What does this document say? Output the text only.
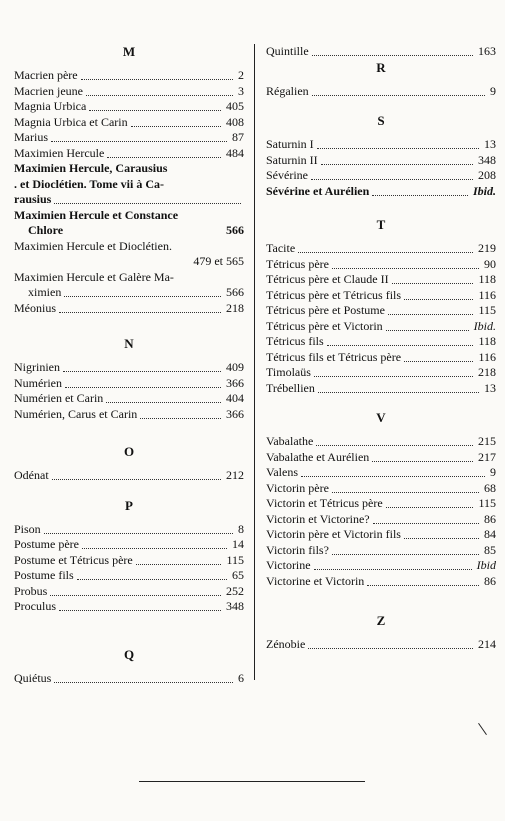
M
Macrien père	2
Macrien jeune	3
Magnia Urbica	405
Magnia Urbica et Carin	408
Marius	87
Maximien Hercule	484
Maximien Hercule, Carausius
. et Dioclétien. Tome vii à Ca-
rausius
Maximien Hercule et Constance
Chlore	566
Maximien Hercule et Dioclétien.
479 et 565
Maximien Hercule et Galère Ma-
ximien	566
Méonius	218
N
Nigrinien	409
Numérien	366
Numérien et Carin	404
Numérien, Carus et Carin	366
O
Odénat	212
P
Pison	8
Postume père	14
Postume et Tétricus père	115
Postume fils	65
Probus	252
Proculus	348
Q
Quiétus	6
Quintille	163
R
Régalien	9
S
Saturnin I	13
Saturnin II	348
Sévérine	208
Sévérine et Aurélien	Ibid.
T
Tacite	219
Tétricus père	90
Tétricus père et Claude II	118
Tétricus père et Tétricus fils	116
Tétricus père et Postume	115
Tétricus père et Victorin	Ibid.
Tétricus fils	118
Tétricus fils et Tétricus père	116
Timolaüs	218
Trébellien	13
V
Vabalathe	215
Vabalathe et Aurélien	217
Valens	9
Victorin père	68
Victorin et Tétricus père	115
Victorin et Victorine?	86
Victorin père et Victorin fils	84
Victorin fils?	85
Victorine	Ibid
Victorine et Victorin	86
Z
Zénobie	214
